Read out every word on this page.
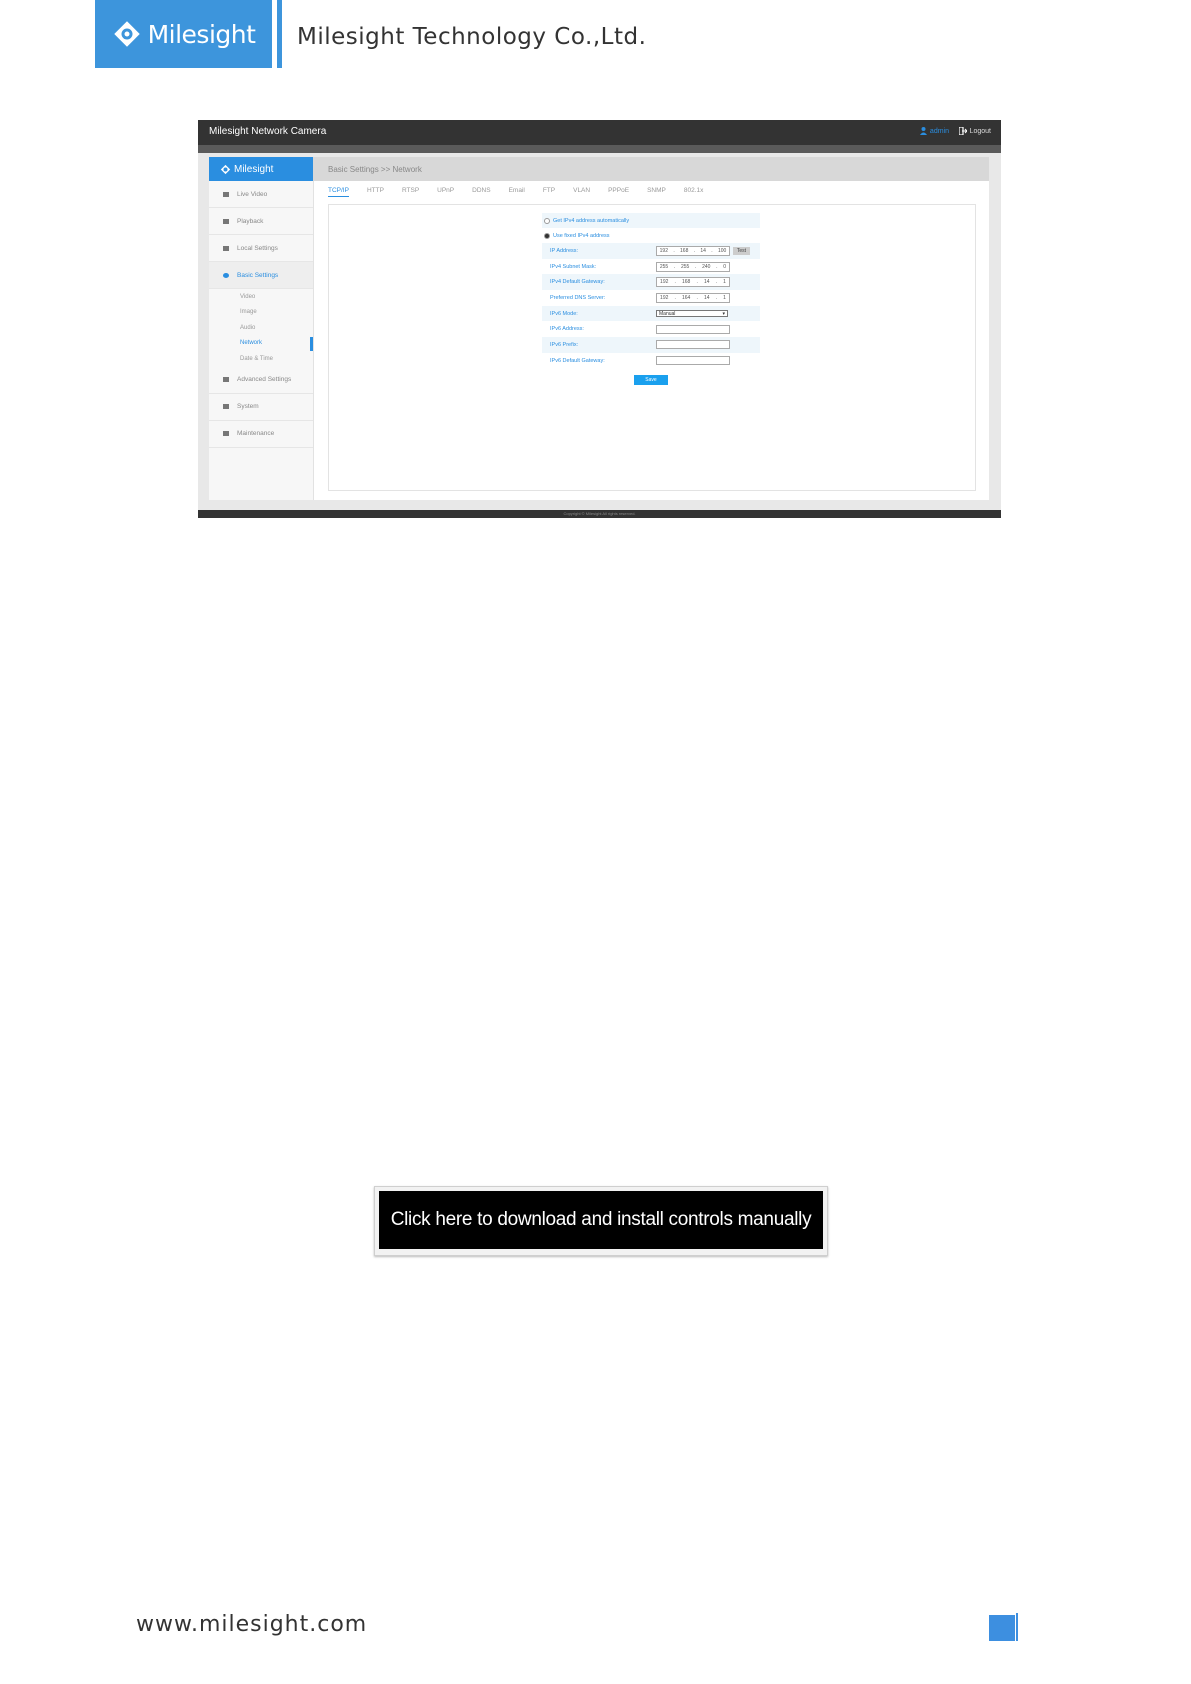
Milesight Milesight Technology Co.,Ltd.
Milesight Network Camera	admin	Logout
Milesight
Live Video
Playback
Local Settings
Basic Settings
Video
Image
Audio
Network
Date & Time
Advanced Settings
System
Maintenance
Basic Settings >> Network
TCP/IP	HTTP	RTSP	UPnP	DDNS	Email	FTP	VLAN	PPPoE	SNMP	802.1x
Get IPv4 address automatically
Use fixed IPv4 address
IP Address:	192 . 168 . 14 . 100	Test
IPv4 Subnet Mask:	255 . 255 . 240 . 0
IPv4 Default Gateway:	192 . 168 . 14 . 1
Preferred DNS Server:	192 . 164 . 14 . 1
IPv6 Mode:	Manual	▾
IPv6 Address:
IPv6 Prefix:
IPv6 Default Gateway:
Save
Copyright © Milesight All rights reserved.
Click here to download and install controls manually
www.milesight.com
